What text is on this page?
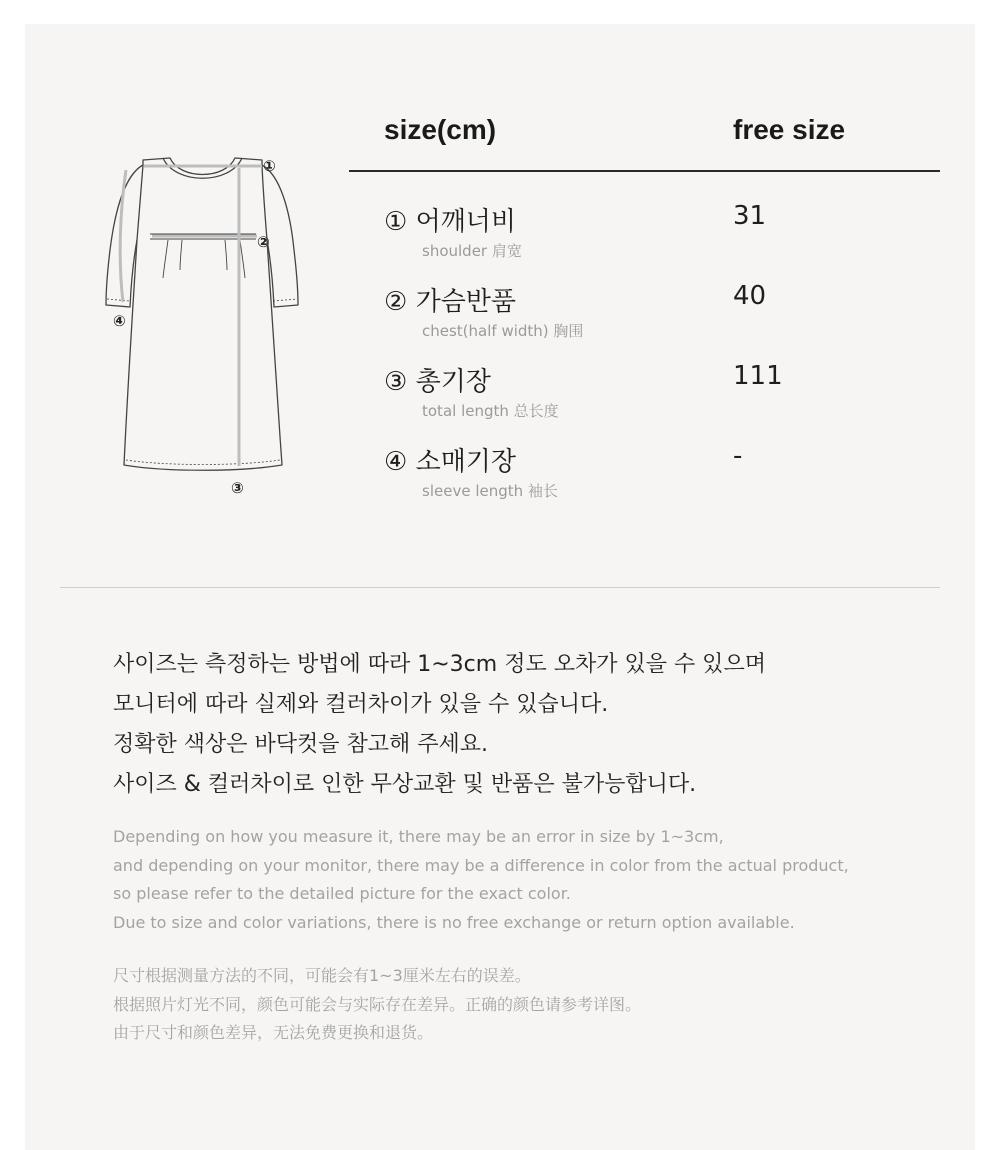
①
②
③
④
size(cm)	free size
① 어깨너비
shoulder 肩宽
31
② 가슴반품
chest(half width) 胸围
40
③ 총기장
total length 总长度
111
④ 소매기장
sleeve length 袖长
-
사이즈는 측정하는 방법에 따라 1~3cm 정도 오차가 있을 수 있으며
모니터에 따라 실제와 컬러차이가 있을 수 있습니다.
정확한 색상은 바닥컷을 참고해 주세요.
사이즈 & 컬러차이로 인한 무상교환 및 반품은 불가능합니다.
Depending on how you measure it, there may be an error in size by 1~3cm,
and depending on your monitor, there may be a difference in color from the actual product,
so please refer to the detailed picture for the exact color.
Due to size and color variations, there is no free exchange or return option available.
尺寸根据测量方法的不同，可能会有1~3厘米左右的误差。
根据照片灯光不同，颜色可能会与实际存在差异。正确的颜色请参考详图。
由于尺寸和颜色差异，无法免费更换和退货。
